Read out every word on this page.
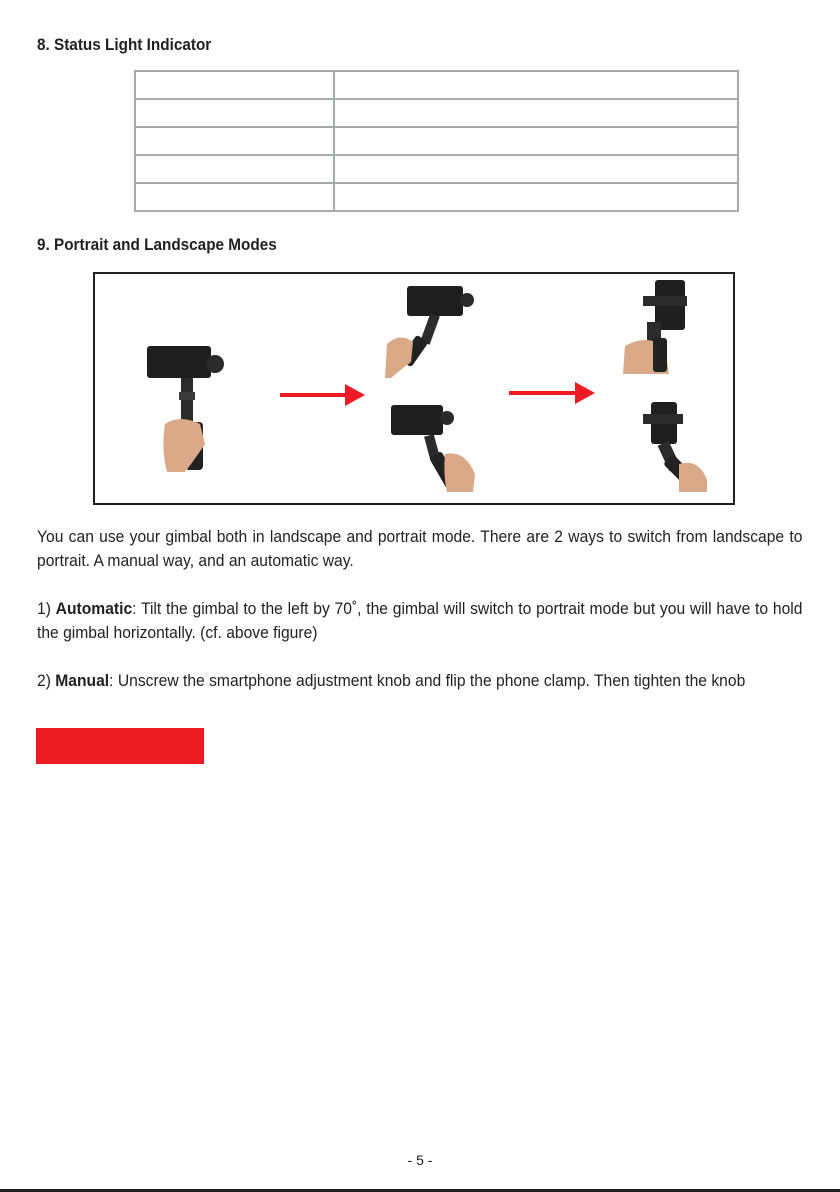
8. Status Light Indicator

9. Portrait and Landscape Modes

You can use your gimbal both in landscape and portrait mode. There are 2 ways to switch from landscape to portrait. A manual way, and an automatic way.

1) Automatic: Tilt the gimbal to the left by 70˚, the gimbal will switch to portrait mode but you will have to hold the gimbal horizontally. (cf. above figure)

2) Manual: Unscrew the smartphone adjustment knob and flip the phone clamp. Then tighten the knob

- 5 -
